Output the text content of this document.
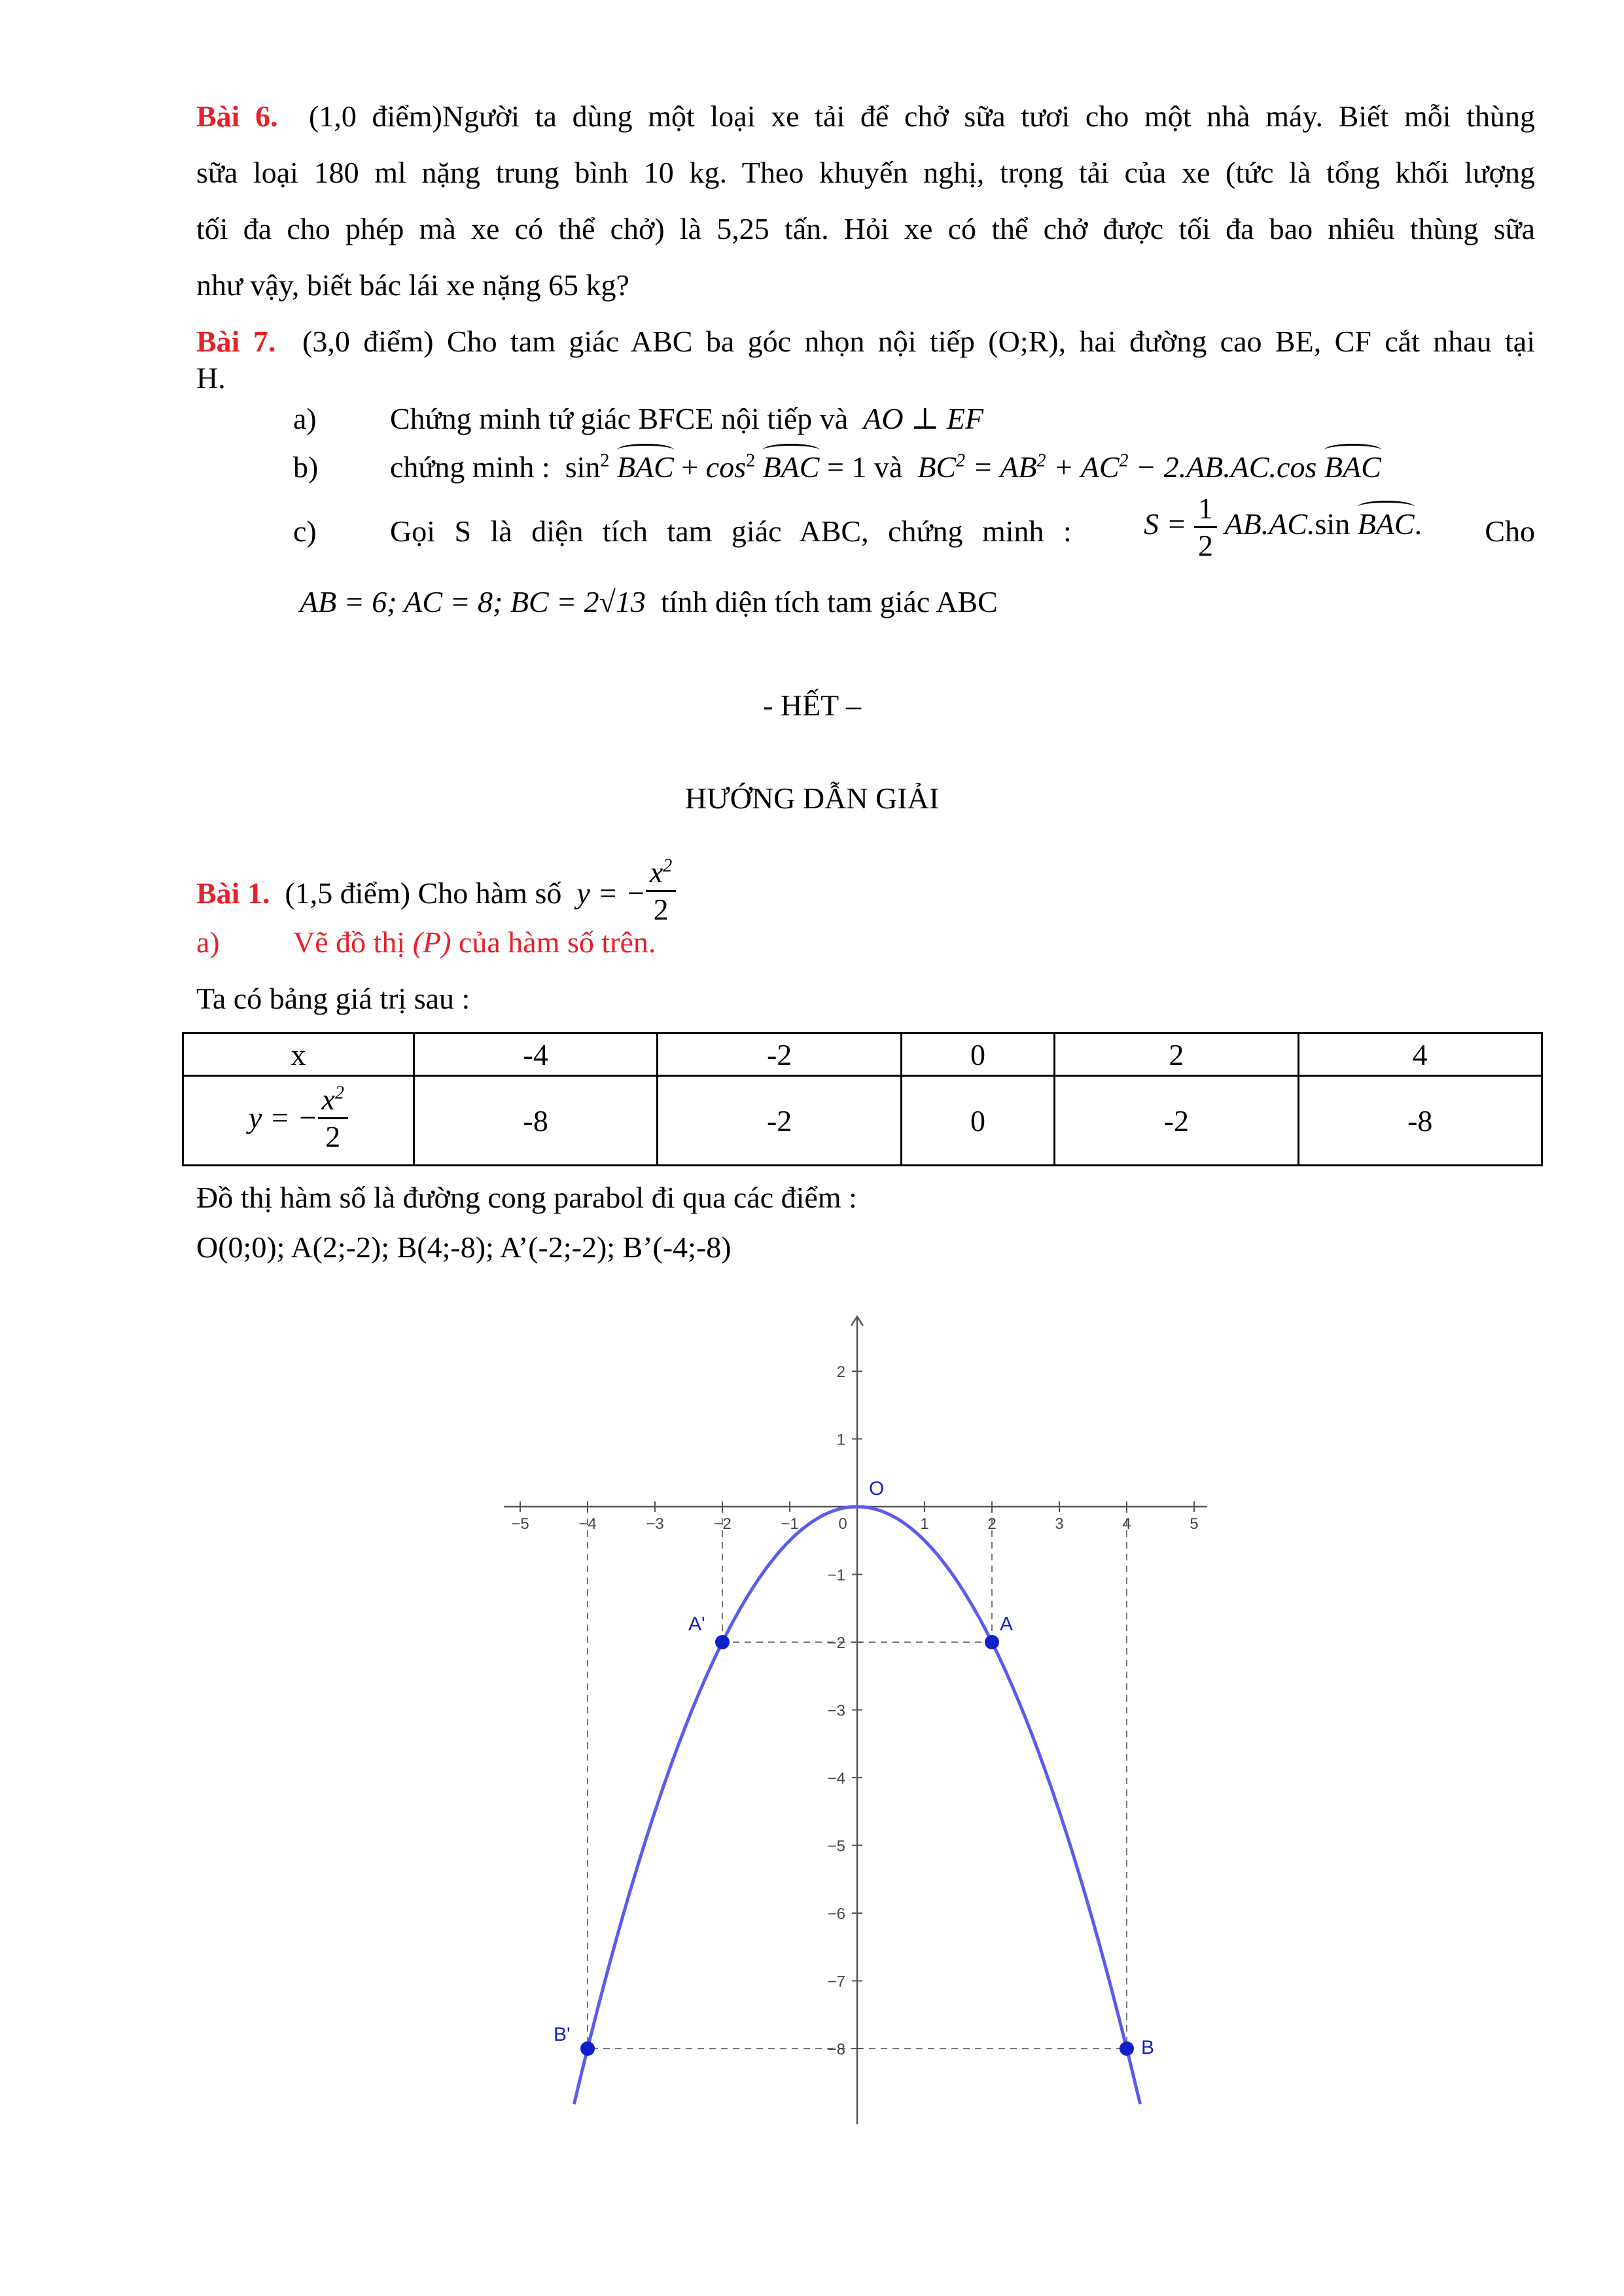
Bài 6. (1,0 điểm)Người ta dùng một loại xe tải để chở sữa tươi cho một nhà máy. Biết mỗi thùng
sữa loại 180 ml nặng trung bình 10 kg. Theo khuyến nghị, trọng tải của xe (tức là tổng khối lượng
tối đa cho phép mà xe có thể chở) là 5,25 tấn. Hỏi xe có thể chở được tối đa bao nhiêu thùng sữa
như vậy, biết bác lái xe nặng 65 kg?
Bài 7. (3,0 điểm) Cho tam giác ABC ba góc nhọn nội tiếp (O;R), hai đường cao BE, CF cắt nhau tại
H.
a) Chứng minh tứ giác BFCE nội tiếp và AO ⊥ EF
b) chứng minh : $\sin^2$ BAC + $\cos^2$ BAC = 1 và  $BC^2 = AB^2 + AC^2 - 2.AB.AC.\cos$ BAC
c) Gọi S là diện tích tam giác ABC, chứng minh : $S = \frac{1}{2} AB.AC.\sin$ BAC. Cho
AB = 6; AC = 8; BC = 2√13 tính diện tích tam giác ABC
- HẾT –
HƯỚNG DẪN GIẢI
Bài 1. (1,5 điểm) Cho hàm số  y = − $\frac{x^2}{2}$
a) Vẽ đồ thị (P) của hàm số trên.
Ta có bảng giá trị sau :
x	-4	-2	0	2	4
y = − $\frac{x^2}{2}$	-8	-2	0	-2	-8
Đồ thị hàm số là đường cong parabol đi qua các điểm :
O(0;0); A(2;-2); B(4;-8); A’(-2;-2); B’(-4;-8)
−5	−4	−3	−2	−1	0	1	2	3	4	5
2
1
−1
−2
−3
−4
−5
−6
−7
−8
O
A
A'
B
B'
